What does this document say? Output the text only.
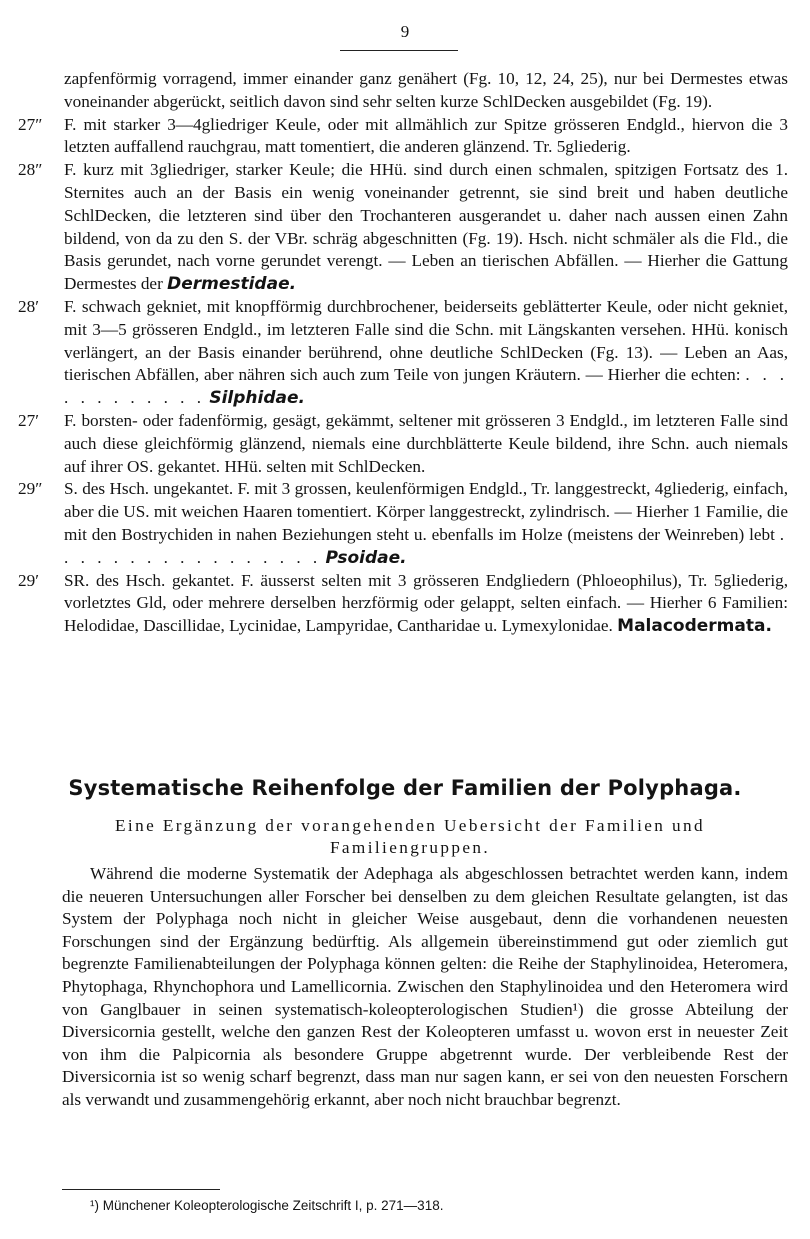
9
zapfenförmig vorragend, immer einander ganz genähert (Fg. 10, 12, 24, 25), nur bei Dermestes etwas voneinander abgerückt, seitlich davon sind sehr selten kurze SchlDecken ausgebildet (Fg. 19).
27″	F. mit starker 3—4gliedriger Keule, oder mit allmählich zur Spitze grösseren Endgld., hiervon die 3 letzten auffallend rauchgrau, matt tomentiert, die anderen glänzend. Tr. 5gliederig.
28″	F. kurz mit 3gliedriger, starker Keule; die HHü. sind durch einen schmalen, spitzigen Fortsatz des 1. Sternites auch an der Basis ein wenig voneinander getrennt, sie sind breit und haben deutliche SchlDecken, die letzteren sind über den Trochanteren ausgerandet u. daher nach aussen einen Zahn bildend, von da zu den S. der VBr. schräg abgeschnitten (Fg. 19). Hsch. nicht schmäler als die Fld., die Basis gerundet, nach vorne gerundet verengt. — Leben an tierischen Abfällen. — Hierher die Gattung Dermestes der Dermestidae.
28′	F. schwach gekniet, mit knopfförmig durchbrochener, beiderseits geblätterter Keule, oder nicht gekniet, mit 3—5 grösseren Endgld., im letzteren Falle sind die Schn. mit Längskanten versehen. HHü. konisch verlängert, an der Basis einander berührend, ohne deutliche SchlDecken (Fg. 13). — Leben an Aas, tierischen Abfällen, aber nähren sich auch zum Teile von jungen Kräutern. — Hierher die echten: . . . . . . . . . . . . Silphidae.
27′	F. borsten- oder fadenförmig, gesägt, gekämmt, seltener mit grösseren 3 Endgld., im letzteren Falle sind auch diese gleichförmig glänzend, niemals eine durchblätterte Keule bildend, ihre Schn. auch niemals auf ihrer OS. gekantet. HHü. selten mit SchlDecken.
29″	S. des Hsch. ungekantet. F. mit 3 grossen, keulenförmigen Endgld., Tr. langgestreckt, 4gliederig, einfach, aber die US. mit weichen Haaren tomentiert. Körper langgestreckt, zylindrisch. — Hierher 1 Familie, die mit den Bostrychiden in nahen Beziehungen steht u. ebenfalls im Holze (meistens der Weinreben) lebt . . . . . . . . . . . . . . . . . Psoidae.
29′	SR. des Hsch. gekantet. F. äusserst selten mit 3 grösseren Endgliedern (Phloeophilus), Tr. 5gliederig, vorletztes Gld, oder mehrere derselben herzförmig oder gelappt, selten einfach. — Hierher 6 Familien: Helodidae, Dascillidae, Lycinidae, Lampyridae, Cantharidae u. Lymexylonidae. Malacodermata.
Systematische Reihenfolge der Familien der Polyphaga.
Eine Ergänzung der vorangehenden Uebersicht der Familien und Familiengruppen.
Während die moderne Systematik der Adephaga als abgeschlossen betrachtet werden kann, indem die neueren Untersuchungen aller Forscher bei denselben zu dem gleichen Resultate gelangten, ist das System der Polyphaga noch nicht in gleicher Weise ausgebaut, denn die vorhandenen neuesten Forschungen sind der Ergänzung bedürftig. Als allgemein übereinstimmend gut oder ziemlich gut begrenzte Familienabteilungen der Polyphaga können gelten: die Reihe der Staphylinoidea, Heteromera, Phytophaga, Rhynchophora und Lamellicornia. Zwischen den Staphylinoidea und den Heteromera wird von Ganglbauer in seinen systematisch-koleopterologischen Studien¹) die grosse Abteilung der Diversicornia gestellt, welche den ganzen Rest der Koleopteren umfasst u. wovon erst in neuester Zeit von ihm die Palpicornia als besondere Gruppe abgetrennt wurde. Der verbleibende Rest der Diversicornia ist so wenig scharf begrenzt, dass man nur sagen kann, er sei von den neuesten Forschern als verwandt und zusammengehörig erkannt, aber noch nicht brauchbar begrenzt.
¹) Münchener Koleopterologische Zeitschrift I, p. 271—318.
